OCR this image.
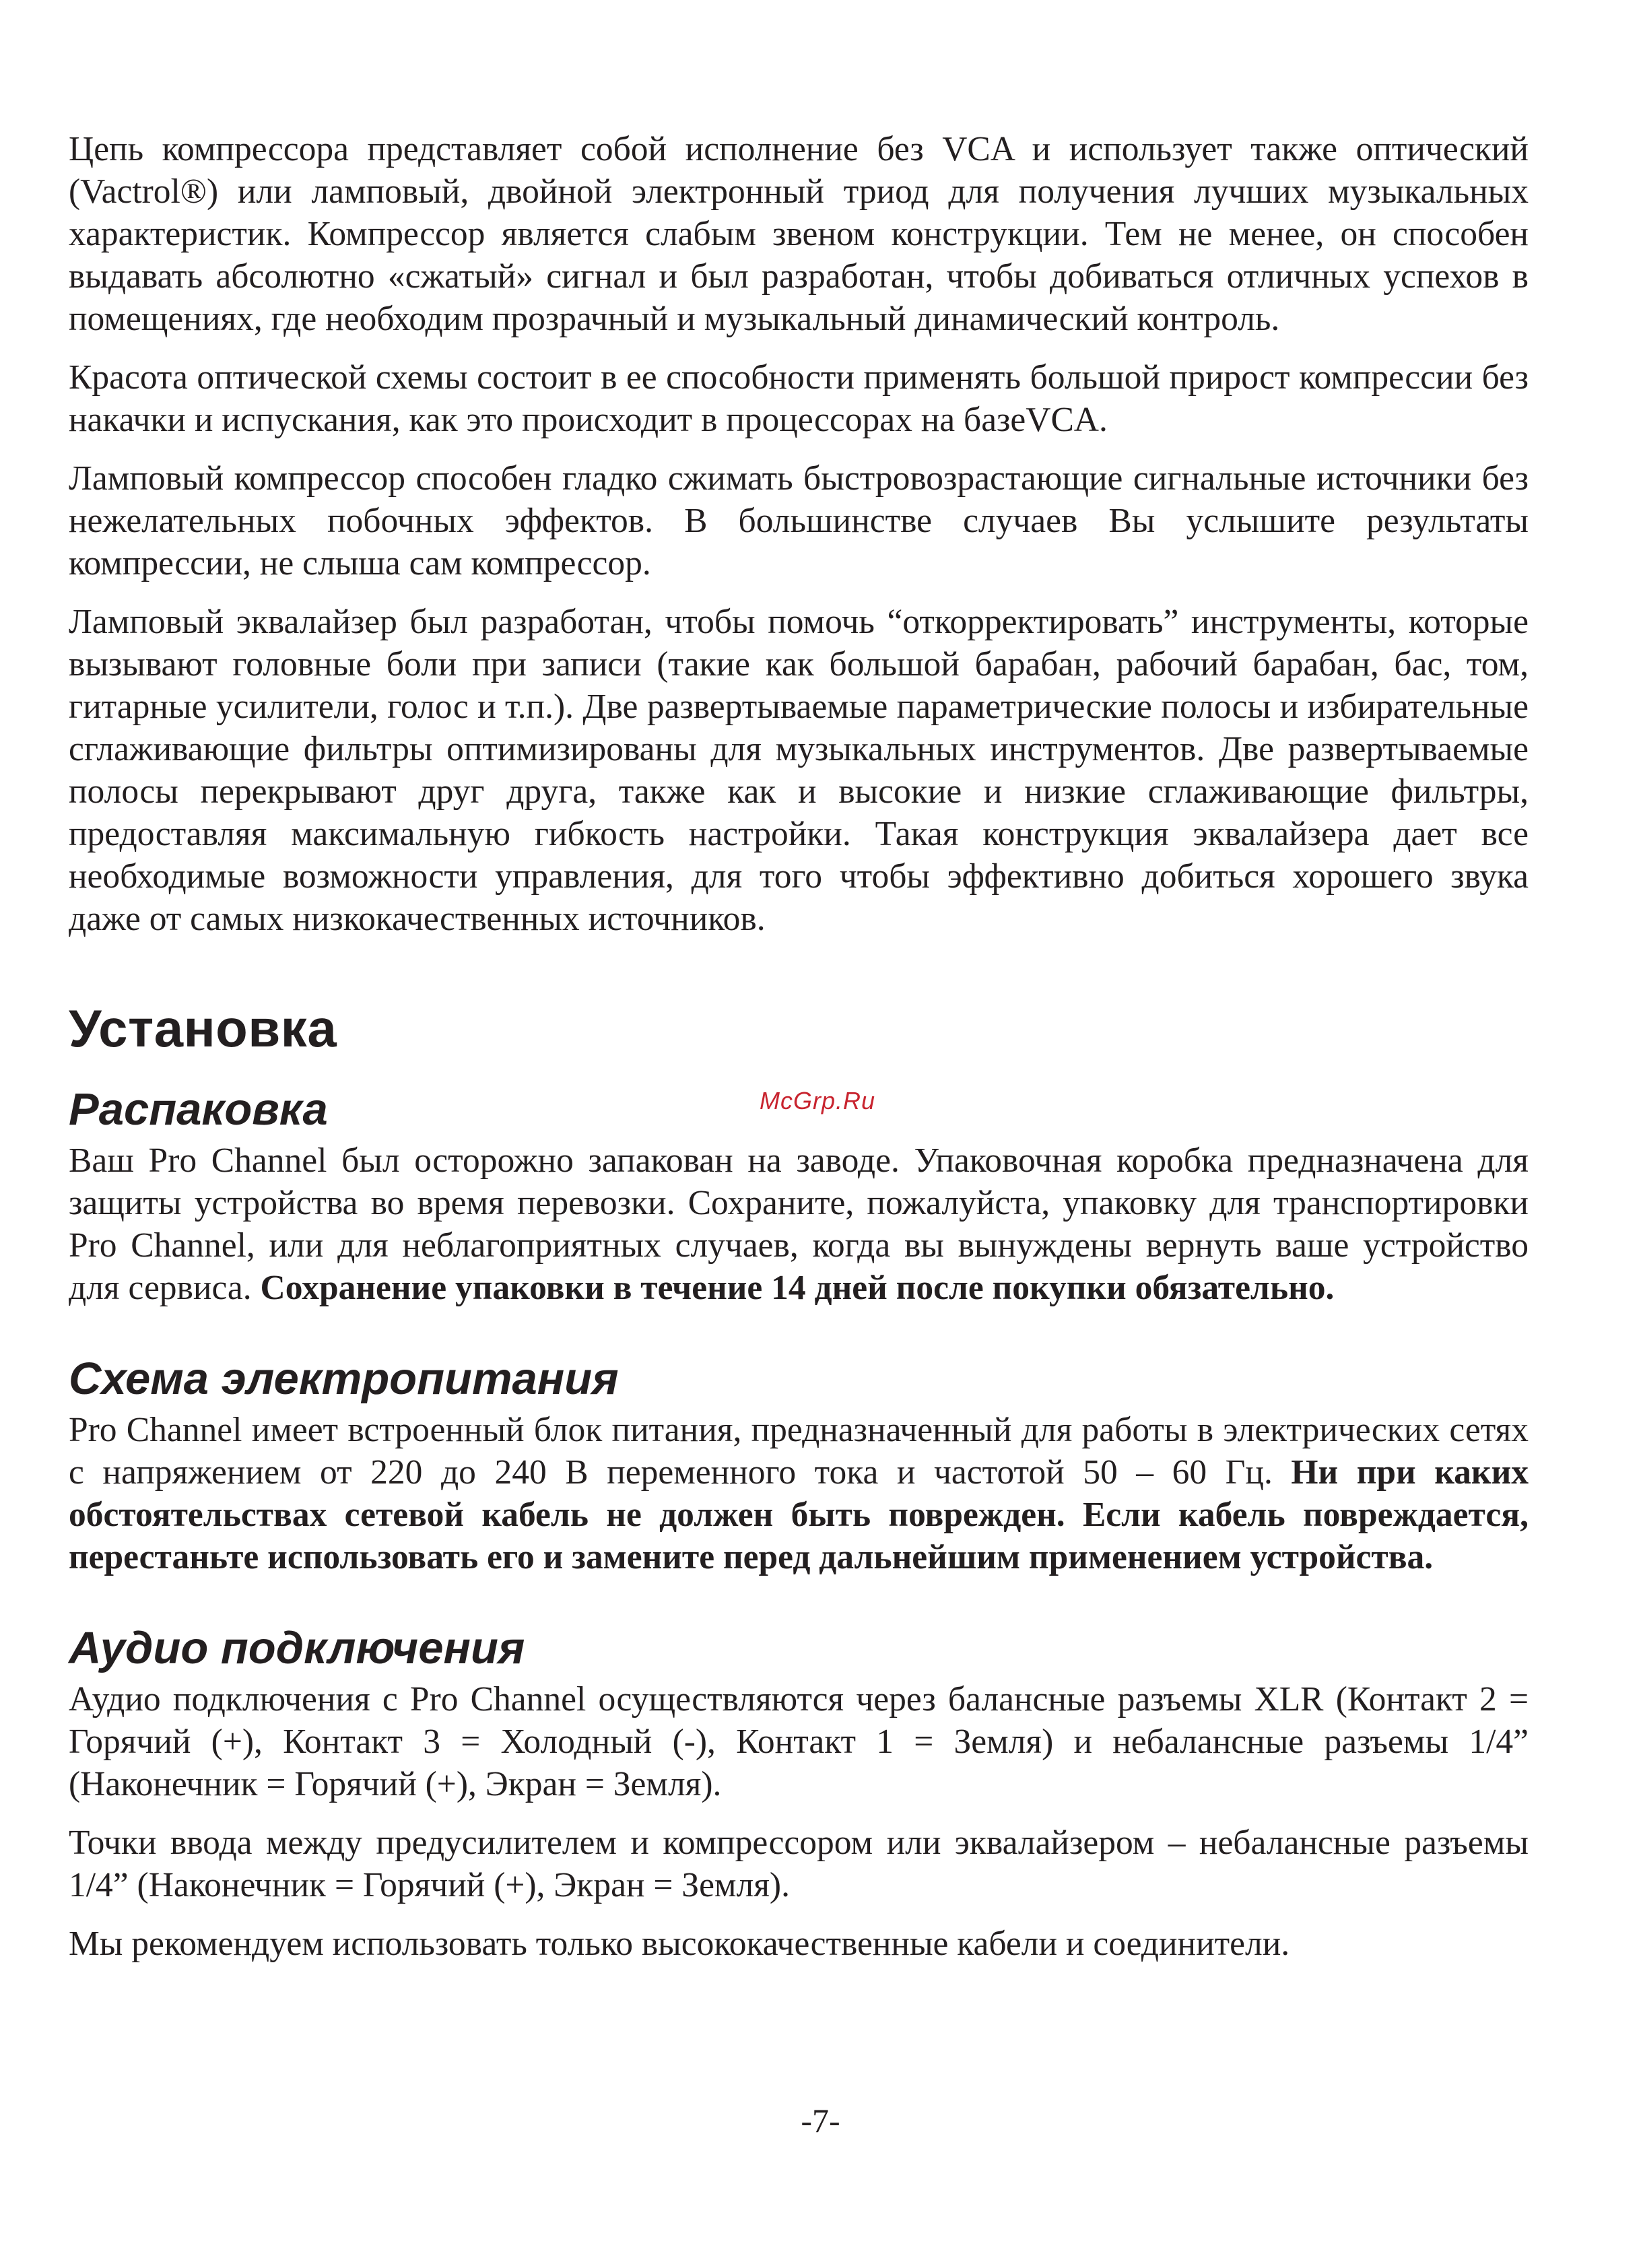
Цепь компрессора представляет собой исполнение без VCA и использует также оптический (Vactrol®) или ламповый, двойной электронный триод для получения лучших музыкальных характеристик. Компрессор является слабым звеном конструкции. Тем не менее, он способен выдавать абсолютно «сжатый» сигнал и был разработан, чтобы добиваться отличных успехов в помещениях, где необходим прозрачный и музыкальный динамический контроль.

Красота оптической схемы состоит в ее способности применять большой прирост компрессии без накачки и испускания, как это происходит в процессорах на базеVCA.

Ламповый компрессор способен гладко сжимать быстровозрастающие сигнальные источники без нежелательных побочных эффектов. В большинстве случаев Вы услышите результаты компрессии, не слыша сам компрессор.

Ламповый эквалайзер был разработан, чтобы помочь “откорректировать” инструменты, которые вызывают головные боли при записи (такие как большой барабан, рабочий барабан, бас, том, гитарные усилители, голос и т.п.). Две развертываемые параметрические полосы и избирательные сглаживающие фильтры оптимизированы для музыкальных инструментов. Две развертываемые полосы перекрывают друг друга, также как и высокие и низкие сглаживающие фильтры, предоставляя максимальную гибкость настройки. Такая конструкция эквалайзера дает все необходимые возможности управления, для того чтобы эффективно добиться хорошего звука даже от самых низкокачественных источников.

Установка
Распаковка

Ваш Pro Channel был осторожно запакован на заводе. Упаковочная коробка предназначена для защиты устройства во время перевозки. Сохраните, пожалуйста, упаковку для транспортировки Pro Channel, или для неблагоприятных случаев, когда вы вынуждены вернуть ваше устройство для сервиса. Сохранение упаковки в течение 14 дней после покупки обязательно.

Схема электропитания

Pro Channel имеет встроенный блок питания, предназначенный для работы в электрических сетях с напряжением от 220 до 240 В переменного тока и частотой 50 – 60 Гц. Ни при каких обстоятельствах сетевой кабель не должен быть поврежден. Если кабель повреждается, перестаньте использовать его и замените перед дальнейшим применением устройства.

Аудио подключения

Аудио подключения с Pro Channel осуществляются через балансные разъемы XLR (Контакт 2 = Горячий (+), Контакт 3 = Холодный (-), Контакт 1 = Земля) и небалансные разъемы 1/4” (Наконечник = Горячий (+), Экран = Земля).

Точки ввода между предусилителем и компрессором или эквалайзером – небалансные разъемы 1/4” (Наконечник = Горячий (+), Экран = Земля).

Мы рекомендуем использовать только высококачественные кабели и соединители.

McGrp.Ru
-7-
